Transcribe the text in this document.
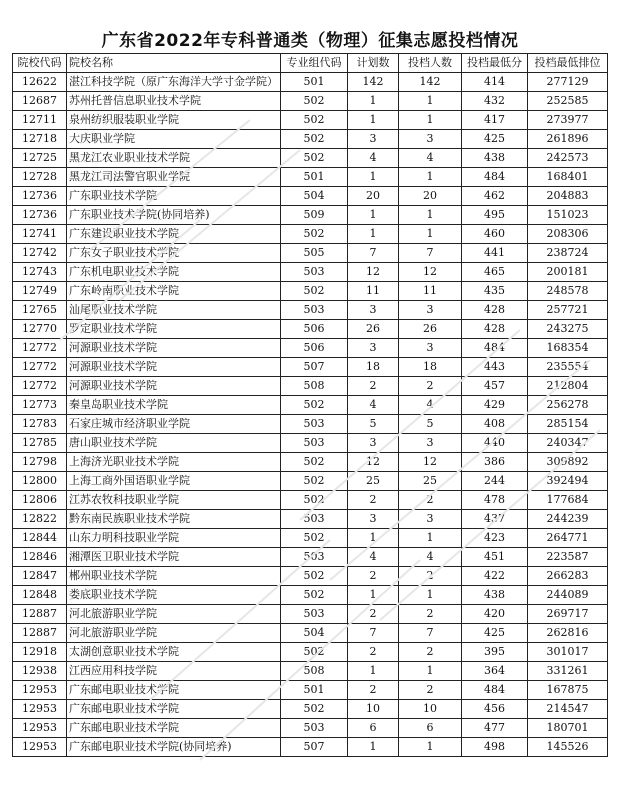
广东省2022年专科普通类（物理）征集志愿投档情况
院校代码	院校名称	专业组代码	计划数	投档人数	投档最低分	投档最低排位
12622	湛江科技学院（原广东海洋大学寸金学院）	501	142	142	414	277129
12687	苏州托普信息职业技术学院	502	1	1	432	252585
12711	泉州纺织服装职业学院	502	1	1	417	273977
12718	大庆职业学院	502	3	3	425	261896
12725	黑龙江农业职业技术学院	502	4	4	438	242573
12728	黑龙江司法警官职业学院	501	1	1	484	168401
12736	广东职业技术学院	504	20	20	462	204883
12736	广东职业技术学院(协同培养)	509	1	1	495	151023
12741	广东建设职业技术学院	502	1	1	460	208306
12742	广东女子职业技术学院	505	7	7	441	238724
12743	广东机电职业技术学院	503	12	12	465	200181
12749	广东岭南职业技术学院	502	11	11	435	248578
12765	汕尾职业技术学院	503	3	3	428	257721
12770	罗定职业技术学院	506	26	26	428	243275
12772	河源职业技术学院	506	3	3	484	168354
12772	河源职业技术学院	507	18	18	443	235554
12772	河源职业技术学院	508	2	2	457	212804
12773	秦皇岛职业技术学院	502	4	4	429	256278
12783	石家庄城市经济职业学院	503	5	5	408	285154
12785	唐山职业技术学院	503	3	3	440	240347
12798	上海济光职业技术学院	502	12	12	386	309892
12800	上海工商外国语职业学院	502	25	25	244	392494
12806	江苏农牧科技职业学院	502	2	2	478	177684
12822	黔东南民族职业技术学院	503	3	3	437	244239
12844	山东力明科技职业学院	502	1	1	423	264771
12846	湘潭医卫职业技术学院	503	4	4	451	223587
12847	郴州职业技术学院	502	2	2	422	266283
12848	娄底职业技术学院	502	1	1	438	244089
12887	河北旅游职业学院	503	2	2	420	269717
12887	河北旅游职业学院	504	7	7	425	262816
12918	太湖创意职业技术学院	502	2	2	395	301017
12938	江西应用科技学院	508	1	1	364	331261
12953	广东邮电职业技术学院	501	2	2	484	167875
12953	广东邮电职业技术学院	502	10	10	456	214547
12953	广东邮电职业技术学院	503	6	6	477	180701
12953	广东邮电职业技术学院(协同培养)	507	1	1	498	145526
